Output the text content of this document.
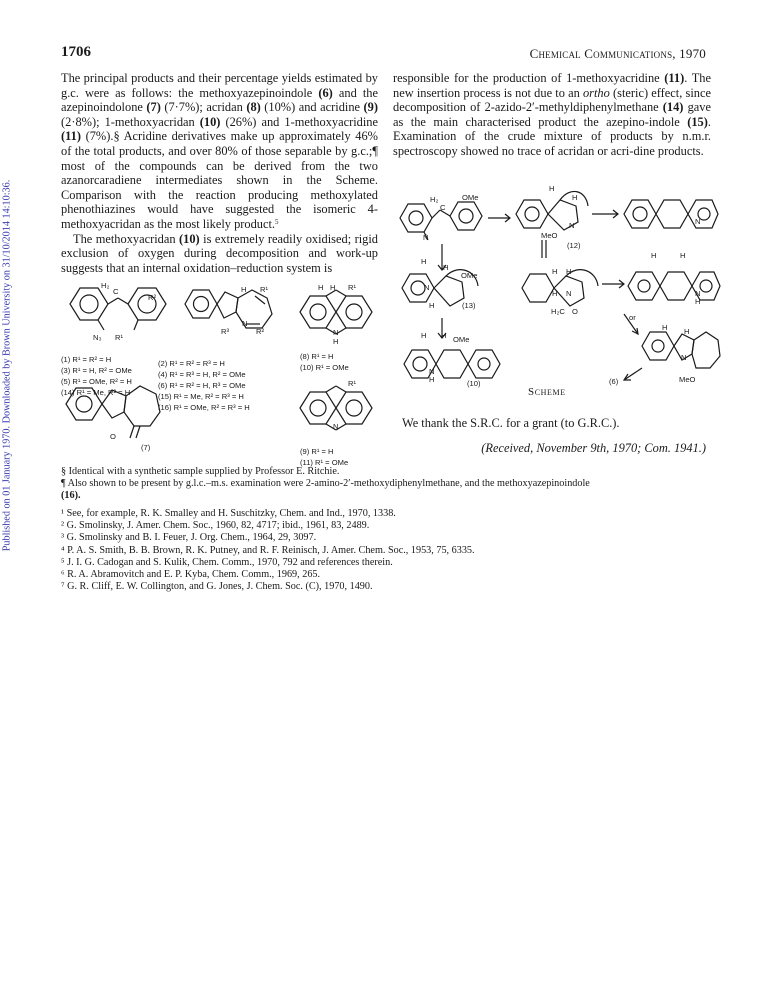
Published on 01 January 1970. Downloaded by Brown University on 31/10/2014 14:10:36.
1706	Chemical Communications, 1970

The principal products and their percentage yields estimated by g.c. were as follows: the methoxyazepinoindole (6) and the azepinoindolone (7) (7·7%); acridan (8) (10%) and acridine (9) (2·8%); 1-methoxyacridan (10) (26%) and 1-methoxyacridine (11) (7%).§ Acridine derivatives make up approximately 46% of the total products, and over 80% of those separable by g.c.;¶ most of the compounds can be derived from the two azanorcaradiene intermediates shown in the Scheme. Comparison with the reaction producing methoxylated phenothiazines would have suggested the isomeric 4-methoxyacridan as the most likely product.$^5$

The methoxyacridan (10) is extremely readily oxidised; rigid exclusion of oxygen during decomposition and work-up suggests that an internal oxidation–reduction system is

responsible for the production of 1-methoxyacridine (11). The new insertion process is not due to an ortho (steric) effect, since decomposition of 2-azido-2′-methyldiphenylmethane (14) gave as the main characterised product the azepino-indole (15). Examination of the crude mixture of products by n.m.r. spectroscopy showed no trace of acridan or acri-dine products.

H₂
C
R²
N₃ R¹
H R¹
R³
N
R²
H H R¹
N
H
O
R¹
N
(1) R¹ = R² = H
(3) R¹ = H, R² = OMe
(5) R¹ = OMe, R² = H
(14) R¹ = Me, R² = H
(2) R¹ = R² = R³ = H
(4) R¹ = R³ = H, R² = OMe
(6) R¹ = R² = H, R³ = OMe
(15) R¹ = Me, R² = R³ = H
(16) R¹ = OMe, R² = R³ = H
(8) R¹ = H
(10) R¹ = OMe
(9) R¹ = H
(11) R¹ = OMe
(7)
H₂
C
OMe
N̄
H
H
MeO
N
(12)
N
H
H
OMe
N
(13)
H
H H OMe
N
H	(10)
H H
H N
H₂C O
H	H
N
H
or
H H
N
MeO
(6)
Scheme
We thank the S.R.C. for a grant (to G.R.C.).
(Received, November 9th, 1970; Com. 1941.)
§ Identical with a synthetic sample supplied by Professor E. Ritchie.
¶ Also shown to be present by g.l.c.–m.s. examination were 2-amino-2′-methoxydiphenylmethane, and the methoxyazepinoindole
(16).
¹ See, for example, R. K. Smalley and H. Suschitzky, Chem. and Ind., 1970, 1338.
² G. Smolinsky, J. Amer. Chem. Soc., 1960, 82, 4717; ibid., 1961, 83, 2489.
³ G. Smolinsky and B. I. Feuer, J. Org. Chem., 1964, 29, 3097.
⁴ P. A. S. Smith, B. B. Brown, R. K. Putney, and R. F. Reinisch, J. Amer. Chem. Soc., 1953, 75, 6335.
⁵ J. I. G. Cadogan and S. Kulik, Chem. Comm., 1970, 792 and references therein.
⁶ R. A. Abramovitch and E. P. Kyba, Chem. Comm., 1969, 265.
⁷ G. R. Cliff, E. W. Collington, and G. Jones, J. Chem. Soc. (C), 1970, 1490.
